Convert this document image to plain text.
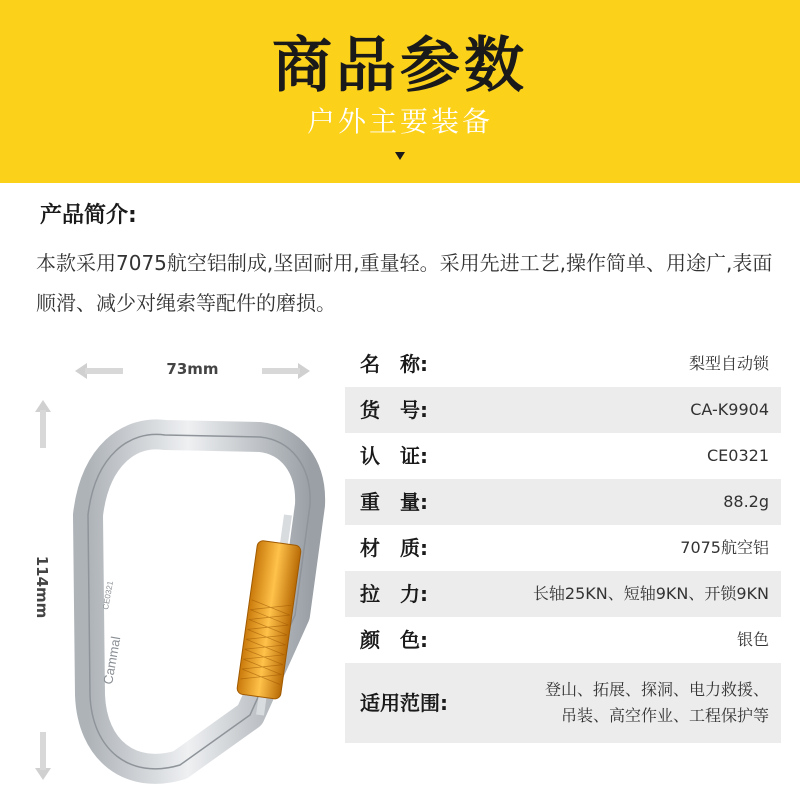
商品参数
户外主要装备
产品简介:
本款采用7075航空铝制成,坚固耐用,重量轻。采用先进工艺,操作简单、用途广,表面顺滑、减少对绳索等配件的磨损。
73mm
114mm
Cammal
CE0321
名　称:	梨型自动锁
货　号:	CA-K9904
认　证:	CE0321
重　量:	88.2g
材　质:	7075航空铝
拉　力:	长轴25KN、短轴9KN、开锁9KN
颜　色:	银色
适用范围:
登山、拓展、探洞、电力救援、
吊装、高空作业、工程保护等
